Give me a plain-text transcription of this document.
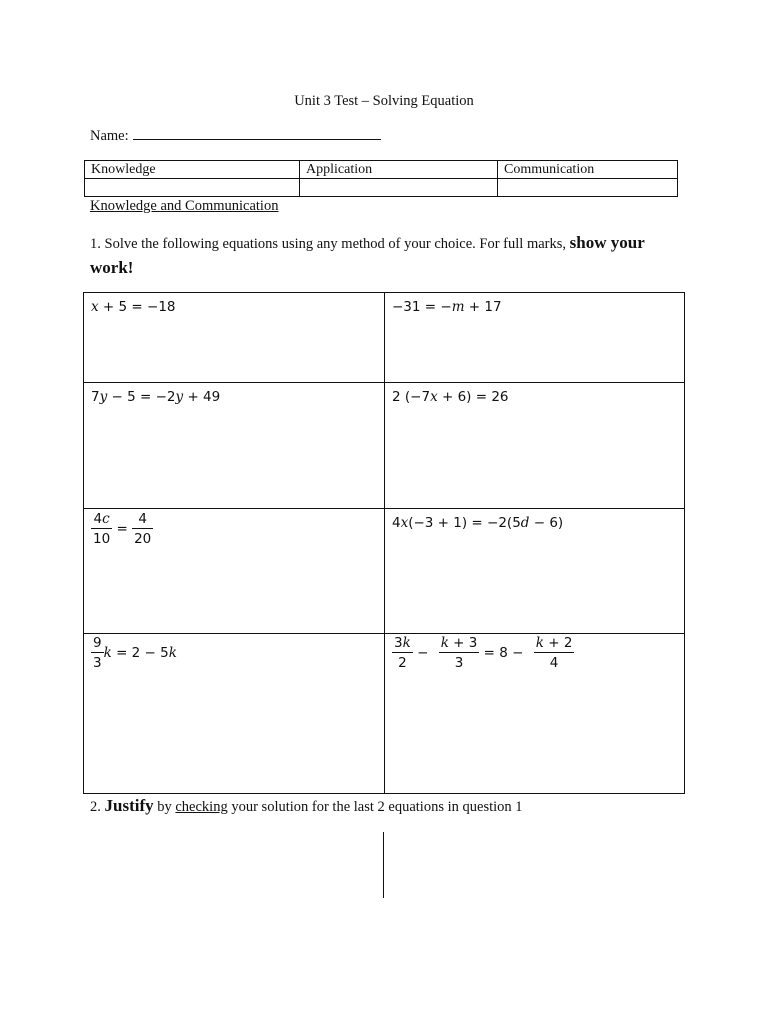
Unit 3 Test – Solving Equation
Name:
Knowledge	Application	Communication

Knowledge and Communication
1. Solve the following equations using any method of your choice. For full marks, show your work!
x + 5 = −18	−31 = −m + 17
7y − 5 = −2y + 49	2 (−7x + 6) = 26
$\frac{4c}{10} = \frac{4}{20}$	4x(−3 + 1) = −2(5d − 6)
$\frac{9}{3}$ k = 2 − 5k	$\frac{3k}{2} - \frac{k + 3}{3} = 8 - \frac{k + 2}{4}$
2. Justify by checking your solution for the last 2 equations in question 1
